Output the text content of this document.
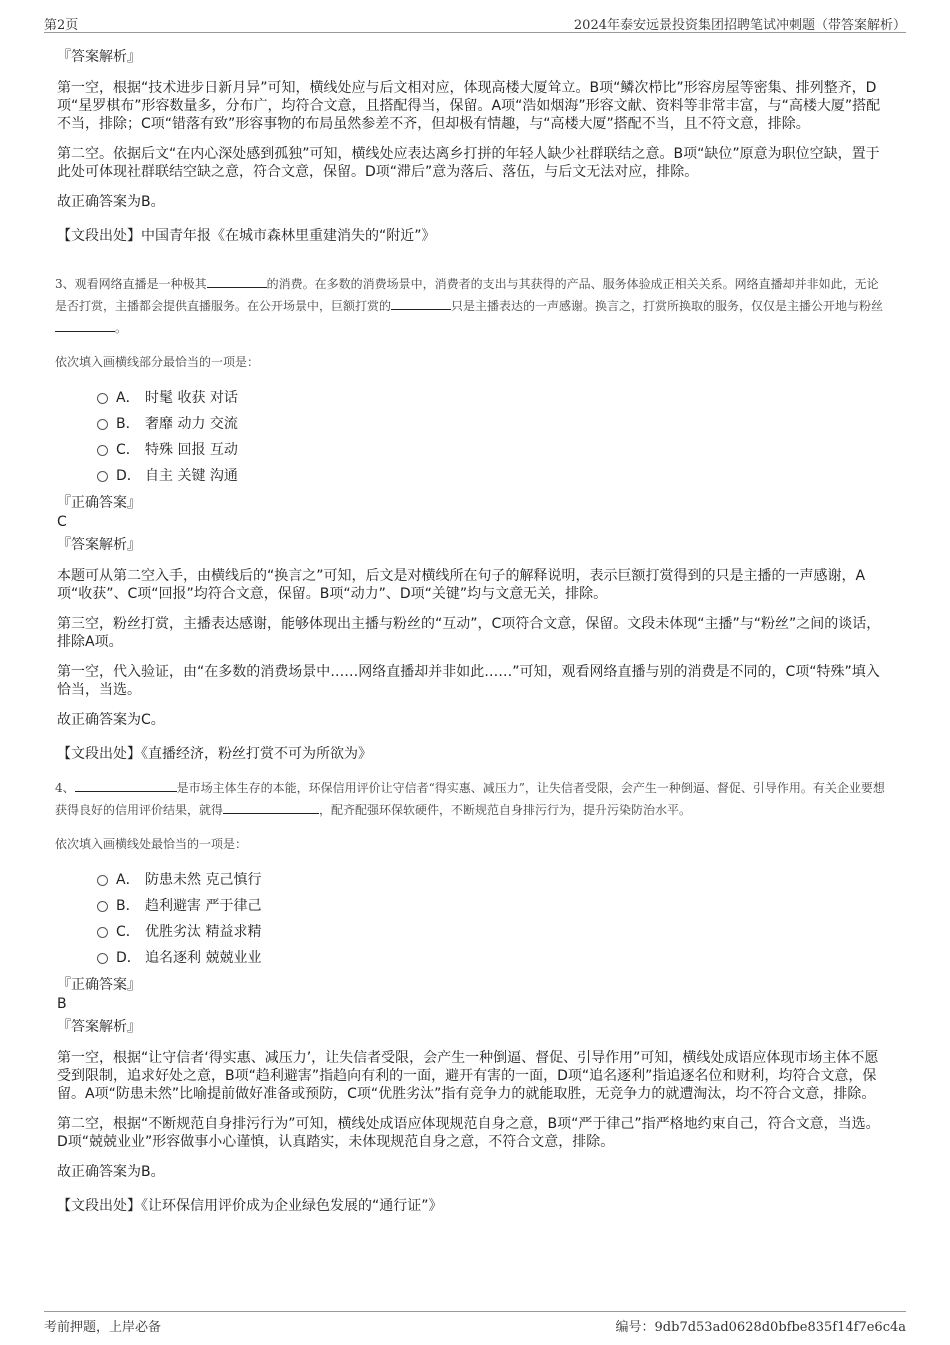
第2页	2024年泰安远景投资集团招聘笔试冲刺题（带答案解析）
『答案解析』
第一空，根据“技术进步日新月异”可知，横线处应与后文相对应，体现高楼大厦耸立。B项“鳞次栉比”形容房屋等密集、排列整齐，D项“星罗棋布”形容数量多，分布广，均符合文意，且搭配得当，保留。A项“浩如烟海”形容文献、资料等非常丰富，与“高楼大厦”搭配不当，排除；C项“错落有致”形容事物的布局虽然参差不齐，但却极有情趣，与“高楼大厦”搭配不当，且不符文意，排除。
第二空。依据后文“在内心深处感到孤独”可知，横线处应表达离乡打拼的年轻人缺少社群联结之意。B项“缺位”原意为职位空缺，置于此处可体现社群联结空缺之意，符合文意，保留。D项“滞后”意为落后、落伍，与后文无法对应，排除。
故正确答案为B。
【文段出处】中国青年报《在城市森林里重建消失的“附近”》
3、观看网络直播是一种极其	的消费。在多数的消费场景中，消费者的支出与其获得的产品、服务体验成正相关关系。网络直播却并非如此，无论是否打赏，主播都会提供直播服务。在公开场景中，巨额打赏的	只是主播表达的一声感谢。换言之，打赏所换取的服务，仅仅是主播公开地与粉丝。
依次填入画横线部分最恰当的一项是：
A． 时髦 收获 对话
B． 奢靡 动力 交流
C． 特殊 回报 互动
D． 自主 关键 沟通
『正确答案』
C
『答案解析』
本题可从第二空入手，由横线后的“换言之”可知，后文是对横线所在句子的解释说明，表示巨额打赏得到的只是主播的一声感谢，A项“收获”、C项“回报”均符合文意，保留。B项“动力”、D项“关键”均与文意无关，排除。
第三空，粉丝打赏，主播表达感谢，能够体现出主播与粉丝的“互动”，C项符合文意，保留。文段未体现“主播”与“粉丝”之间的谈话，排除A项。
第一空，代入验证，由“在多数的消费场景中……网络直播却并非如此……”可知，观看网络直播与别的消费是不同的，C项“特殊”填入恰当，当选。
故正确答案为C。
【文段出处】《直播经济，粉丝打赏不可为所欲为》
4、	是市场主体生存的本能，环保信用评价让守信者“得实惠、减压力”，让失信者受限，会产生一种倒逼、督促、引导作用。有关企业要想获得良好的信用评价结果，就得	，配齐配强环保软硬件，不断规范自身排污行为，提升污染防治水平。
依次填入画横线处最恰当的一项是：
A． 防患未然 克己慎行
B． 趋利避害 严于律己
C． 优胜劣汰 精益求精
D． 追名逐利 兢兢业业
『正确答案』
B
『答案解析』
第一空，根据“让守信者‘得实惠、减压力’，让失信者受限，会产生一种倒逼、督促、引导作用”可知，横线处成语应体现市场主体不愿受到限制，追求好处之意，B项“趋利避害”指趋向有利的一面，避开有害的一面，D项“追名逐利”指追逐名位和财利，均符合文意，保留。A项“防患未然”比喻提前做好准备或预防，C项“优胜劣汰”指有竞争力的就能取胜，无竞争力的就遭淘汰，均不符合文意，排除。
第二空，根据“不断规范自身排污行为”可知，横线处成语应体现规范自身之意，B项“严于律己”指严格地约束自己，符合文意，当选。D项“兢兢业业”形容做事小心谨慎，认真踏实，未体现规范自身之意，不符合文意，排除。
故正确答案为B。
【文段出处】《让环保信用评价成为企业绿色发展的“通行证”》
考前押题，上岸必备	编号：9db7d53ad0628d0bfbe835f14f7e6c4a
